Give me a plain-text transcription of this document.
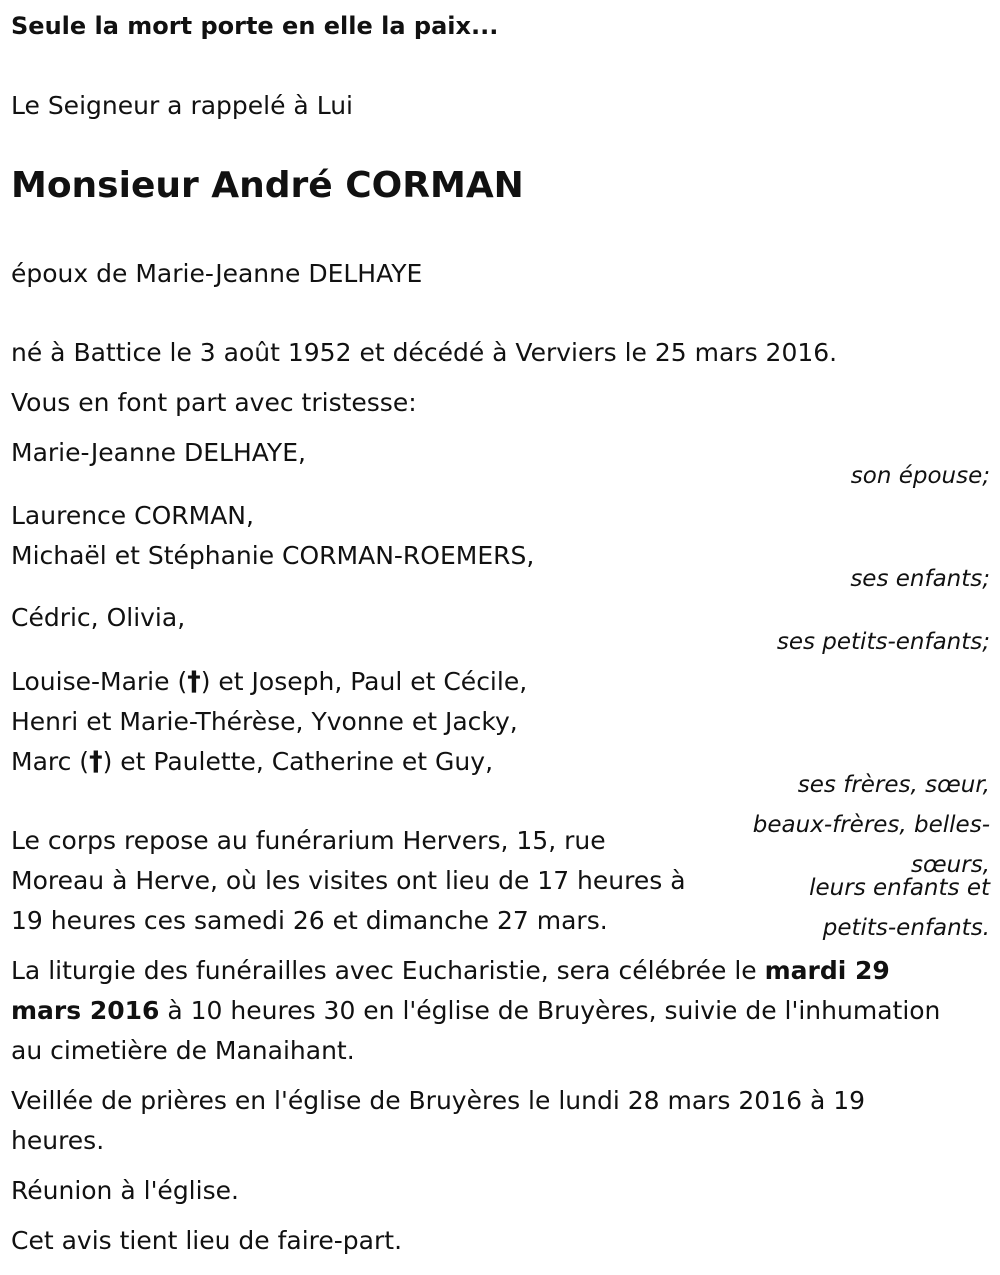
Seule la mort porte en elle la paix...

Le Seigneur a rappelé à Lui

Monsieur André CORMAN

époux de Marie-Jeanne DELHAYE

né à Battice le 3 août 1952 et décédé à Verviers le 25 mars 2016.

Vous en font part avec tristesse:

Marie-Jeanne DELHAYE,

son épouse;

Laurence CORMAN,

Michaël et Stéphanie CORMAN-ROEMERS,

ses enfants;

Cédric, Olivia,

ses petits-enfants;

Louise-Marie (†) et Joseph, Paul et Cécile,

Henri et Marie-Thérèse, Yvonne et Jacky,

Marc (†) et Paulette, Catherine et Guy,

ses frères, sœur,

beaux-frères, belles-

sœurs,

leurs enfants et

petits-enfants.

Le corps repose au funérarium Hervers, 15, rue

Moreau à Herve, où les visites ont lieu de 17 heures à

19 heures ces samedi 26 et dimanche 27 mars.

La liturgie des funérailles avec Eucharistie, sera célébrée le mardi 29

mars 2016 à 10 heures 30 en l'église de Bruyères, suivie de l'inhumation

au cimetière de Manaihant.

Veillée de prières en l'église de Bruyères le lundi 28 mars 2016 à 19

heures.

Réunion à l'église.

Cet avis tient lieu de faire-part.
